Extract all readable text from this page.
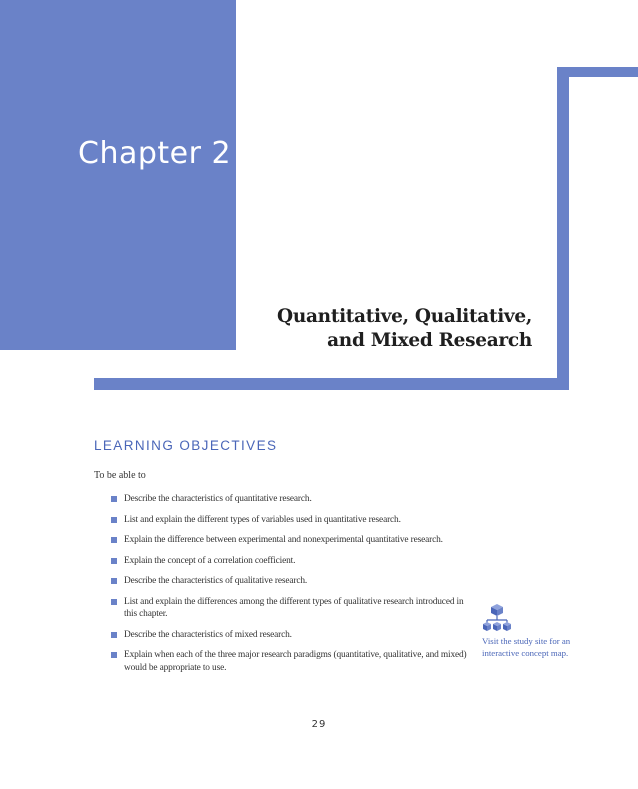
Chapter 2
Quantitative, Qualitative,
and Mixed Research
LEARNING OBJECTIVES
To be able to
Describe the characteristics of quantitative research.
List and explain the different types of variables used in quantitative research.
Explain the difference between experimental and nonexperimental quantitative research.
Explain the concept of a correlation coefficient.
Describe the characteristics of qualitative research.
List and explain the differences among the different types of qualitative research introduced in this chapter.
Describe the characteristics of mixed research.
Explain when each of the three major research paradigms (quantitative, qualitative, and mixed) would be appropriate to use.
Visit the study site for an interactive concept map.
29
